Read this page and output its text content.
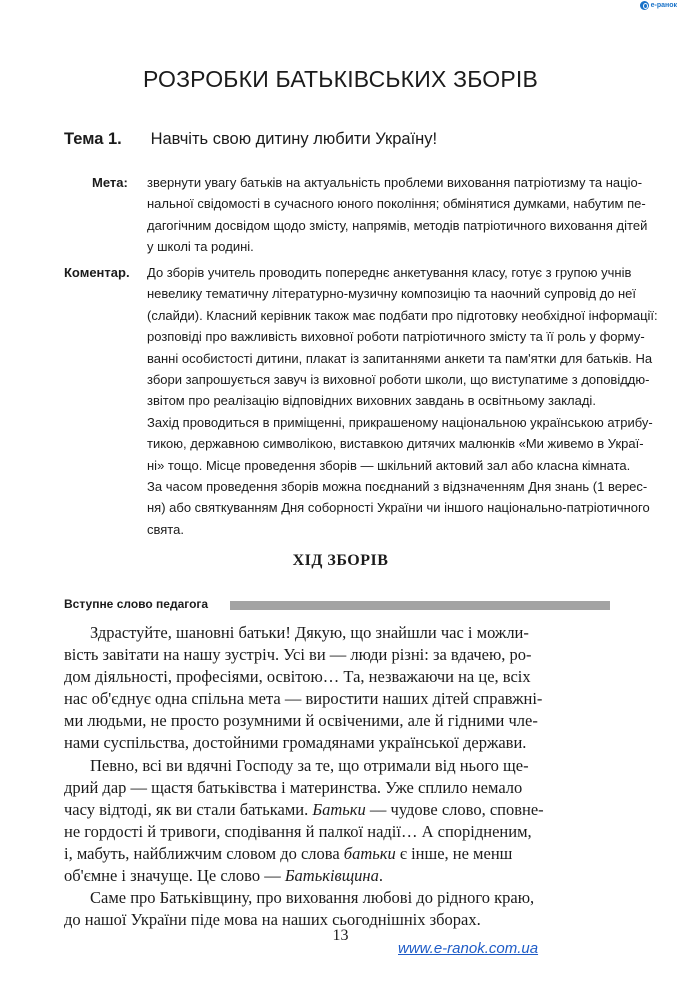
e-ранок
РОЗРОБКИ БАТЬКІВСЬКИХ ЗБОРІВ
Тема 1. Навчіть свою дитину любити Україну!
Мета: звернути увагу батьків на актуальність проблеми виховання патріотизму та націо-
нальної свідомості в сучасного юного покоління; обмінятися думками, набутим пе-
дагогічним досвідом щодо змісту, напрямів, методів патріотичного виховання дітей
у школі та родині.
Коментар. До зборів учитель проводить попереднє анкетування класу, готує з групою учнів
невелику тематичну літературно-музичну композицію та наочний супровід до неї
(слайди). Класний керівник також має подбати про підготовку необхідної інформації:
розповіді про важливість виховної роботи патріотичного змісту та її роль у форму-
ванні особистості дитини, плакат із запитаннями анкети та пам'ятки для батьків. На
збори запрошується завуч із виховної роботи школи, що виступатиме з доповіддю-
звітом про реалізацію відповідних виховних завдань в освітньому закладі.
Захід проводиться в приміщенні, прикрашеному національною українською атрибу-
тикою, державною символікою, виставкою дитячих малюнків «Ми живемо в Украї-
ні» тощо. Місце проведення зборів — шкільний актовий зал або класна кімната.
За часом проведення зборів можна поєднаний з відзначенням Дня знань (1 верес-
ня) або святкуванням Дня соборності України чи іншого національно-патріотичного
свята.
ХІД ЗБОРІВ
Вступне слово педагога
Здрастуйте, шановні батьки! Дякую, що знайшли час і можли-
вість завітати на нашу зустріч. Усі ви — люди різні: за вдачею, ро-
дом діяльності, професіями, освітою… Та, незважаючи на це, всіх
нас об'єднує одна спільна мета — виростити наших дітей справжні-
ми людьми, не просто розумними й освіченими, але й гідними чле-
нами суспільства, достойними громадянами української держави.
Певно, всі ви вдячні Господу за те, що отримали від нього ще-
дрий дар — щастя батьківства і материнства. Уже сплило немало
часу відтоді, як ви стали батьками. Батьки — чудове слово, сповне-
не гордості й тривоги, сподівання й палкої надії… А спорідненим,
і, мабуть, найближчим словом до слова батьки є інше, не менш
об'ємне і значуще. Це слово — Батьківщина.
Саме про Батьківщину, про виховання любові до рідного краю,
до нашої України піде мова на наших сьогоднішніх зборах.
13
www.e-ranok.com.ua
